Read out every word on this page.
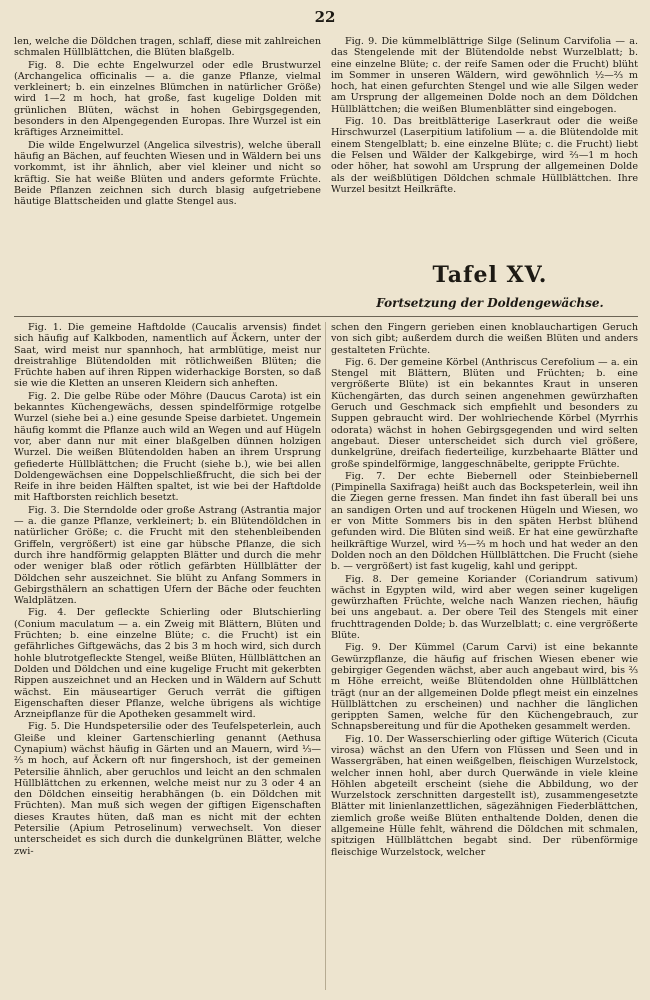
22

len, welche die Döldchen tragen, schlaff, diese mit zahlreichen schmalen Hüllblättchen, die Blüten blaßgelb.

Fig. 8. Die echte Engelwurzel oder edle Brustwurzel (Archangelica officinalis — a. die ganze Pflanze, vielmal verkleinert; b. ein einzelnes Blümchen in natürlicher Größe) wird 1—2 m hoch, hat große, fast kugelige Dolden mit grünlichen Blüten, wächst in hohen Gebirgsgegenden, besonders in den Alpengegenden Europas. Ihre Wurzel ist ein kräftiges Arzneimittel.

Die wilde Engelwurzel (Angelica silvestris), welche überall häufig an Bächen, auf feuchten Wiesen und in Wäldern bei uns vorkommt, ist ihr ähnlich, aber viel kleiner und nicht so kräftig. Sie hat weiße Blüten und anders geformte Früchte. Beide Pflanzen zeichnen sich durch blasig aufgetriebene häutige Blattscheiden und glatte Stengel aus.

Fig. 9. Die kümmelblättrige Silge (Selinum Carvifolia — a. das Stengelende mit der Blütendolde nebst Wurzelblatt; b. eine einzelne Blüte; c. der reife Samen oder die Frucht) blüht im Sommer in unseren Wäldern, wird gewöhnlich ½—⅔ m hoch, hat einen gefurchten Stengel und wie alle Silgen weder am Ursprung der allgemeinen Dolde noch an dem Döldchen Hüllblättchen; die weißen Blumenblätter sind eingebogen.

Fig. 10. Das breitblätterige Laserkraut oder die weiße Hirschwurzel (Laserpitium latifolium — a. die Blütendolde mit einem Stengelblatt; b. eine einzelne Blüte; c. die Frucht) liebt die Felsen und Wälder der Kalkgebirge, wird ⅔—1 m hoch oder höher, hat sowohl am Ursprung der allgemeinen Dolde als der weißblütigen Döldchen schmale Hüllblättchen. Ihre Wurzel besitzt Heilkräfte.

Tafel XV.
Fortsetzung der Doldengewächse.

Fig. 1. Die gemeine Haftdolde (Caucalis arvensis) findet sich häufig auf Kalkboden, namentlich auf Äckern, unter der Saat, wird meist nur spannhoch, hat armblütige, meist nur dreistrahlige Blütendolden mit rötlichweißen Blüten; die Früchte haben auf ihren Rippen widerhackige Borsten, so daß sie wie die Kletten an unseren Kleidern sich anheften.

Fig. 2. Die gelbe Rübe oder Möhre (Daucus Carota) ist ein bekanntes Küchengewächs, dessen spindelförmige rotgelbe Wurzel (siehe bei a.) eine gesunde Speise darbietet. Ungemein häufig kommt die Pflanze auch wild an Wegen und auf Hügeln vor, aber dann nur mit einer blaßgelben dünnen holzigen Wurzel. Die weißen Blütendolden haben an ihrem Ursprung gefiederte Hüllblättchen; die Frucht (siehe b.), wie bei allen Doldengewächsen eine Doppelschließfrucht, die sich bei der Reife in ihre beiden Hälften spaltet, ist wie bei der Haftdolde mit Haftborsten reichlich besetzt.

Fig. 3. Die Sterndolde oder große Astrang (Astrantia major — a. die ganze Pflanze, verkleinert; b. ein Blütendöldchen in natürlicher Größe; c. die Frucht mit den stehenbleibenden Griffeln, vergrößert) ist eine gar hübsche Pflanze, die sich durch ihre handförmig gelappten Blätter und durch die mehr oder weniger blaß oder rötlich gefärbten Hüllblätter der Döldchen sehr auszeichnet. Sie blüht zu Anfang Sommers in Gebirgsthälern an schattigen Ufern der Bäche oder feuchten Waldplätzen.

Fig. 4. Der gefleckte Schierling oder Blutschierling (Conium maculatum — a. ein Zweig mit Blättern, Blüten und Früchten; b. eine einzelne Blüte; c. die Frucht) ist ein gefährliches Giftgewächs, das 2 bis 3 m hoch wird, sich durch hohle blutrotgefleckte Stengel, weiße Blüten, Hüllblättchen an Dolden und Döldchen und eine kugelige Frucht mit gekerbten Rippen auszeichnet und an Hecken und in Wäldern auf Schutt wächst. Ein mäuseartiger Geruch verrät die giftigen Eigenschaften dieser Pflanze, welche übrigens als wichtige Arzneipflanze für die Apotheken gesammelt wird.

Fig. 5. Die Hundspetersilie oder des Teufelspeterlein, auch Gleiße und kleiner Gartenschierling genannt (Aethusa Cynapium) wächst häufig in Gärten und an Mauern, wird ⅓—⅔ m hoch, auf Äckern oft nur fingershoch, ist der gemeinen Petersilie ähnlich, aber geruchlos und leicht an den schmalen Hüllblättchen zu erkennen, welche meist nur zu 3 oder 4 an den Döldchen einseitig herabhängen (b. ein Döldchen mit Früchten). Man muß sich wegen der giftigen Eigenschaften dieses Krautes hüten, daß man es nicht mit der echten Petersilie (Apium Petroselinum) verwechselt. Von dieser unterscheidet es sich durch die dunkelgrünen Blätter, welche zwi-

schen den Fingern gerieben einen knoblauchartigen Geruch von sich gibt; außerdem durch die weißen Blüten und anders gestalteten Früchte.

Fig. 6. Der gemeine Körbel (Anthriscus Cerefolium — a. ein Stengel mit Blättern, Blüten und Früchten; b. eine vergrößerte Blüte) ist ein bekanntes Kraut in unseren Küchengärten, das durch seinen angenehmen gewürzhaften Geruch und Geschmack sich empfiehlt und besonders zu Suppen gebraucht wird. Der wohlriechende Körbel (Myrrhis odorata) wächst in hohen Gebirgsgegenden und wird selten angebaut. Dieser unterscheidet sich durch viel größere, dunkelgrüne, dreifach fiederteilige, kurzbehaarte Blätter und große spindelförmige, langgeschnäbelte, gerippte Früchte.

Fig. 7. Der echte Biebernell oder Steinbiebernell (Pimpinella Saxifraga) heißt auch das Bockspeterlein, weil ihn die Ziegen gerne fressen. Man findet ihn fast überall bei uns an sandigen Orten und auf trockenen Hügeln und Wiesen, wo er von Mitte Sommers bis in den späten Herbst blühend gefunden wird. Die Blüten sind weiß. Er hat eine gewürzhafte heilkräftige Wurzel, wird ⅓—⅔ m hoch und hat weder an den Dolden noch an den Döldchen Hüllblättchen. Die Frucht (siehe b. — vergrößert) ist fast kugelig, kahl und gerippt.

Fig. 8. Der gemeine Koriander (Coriandrum sativum) wächst in Egypten wild, wird aber wegen seiner kugeligen gewürzhaften Früchte, welche nach Wanzen riechen, häufig bei uns angebaut. a. Der obere Teil des Stengels mit einer fruchttragenden Dolde; b. das Wurzelblatt; c. eine vergrößerte Blüte.

Fig. 9. Der Kümmel (Carum Carvi) ist eine bekannte Gewürzpflanze, die häufig auf frischen Wiesen ebener wie gebirgiger Gegenden wächst, aber auch angebaut wird, bis ⅔ m Höhe erreicht, weiße Blütendolden ohne Hüllblättchen trägt (nur an der allgemeinen Dolde pflegt meist ein einzelnes Hüllblättchen zu erscheinen) und nachher die länglichen gerippten Samen, welche für den Küchengebrauch, zur Schnapsbereitung und für die Apotheken gesammelt werden.

Fig. 10. Der Wasserschierling oder giftige Wüterich (Cicuta virosa) wächst an den Ufern von Flüssen und Seen und in Wassergräben, hat einen weißgelben, fleischigen Wurzelstock, welcher innen hohl, aber durch Querwände in viele kleine Höhlen abgeteilt erscheint (siehe die Abbildung, wo der Wurzelstock zerschnitten dargestellt ist), zusammengesetzte Blätter mit linienlanzettlichen, sägezähnigen Fiederblättchen, ziemlich große weiße Blüten enthaltende Dolden, denen die allgemeine Hülle fehlt, während die Döldchen mit schmalen, spitzigen Hüllblättchen begabt sind. Der rübenförmige fleischige Wurzelstock, welcher
